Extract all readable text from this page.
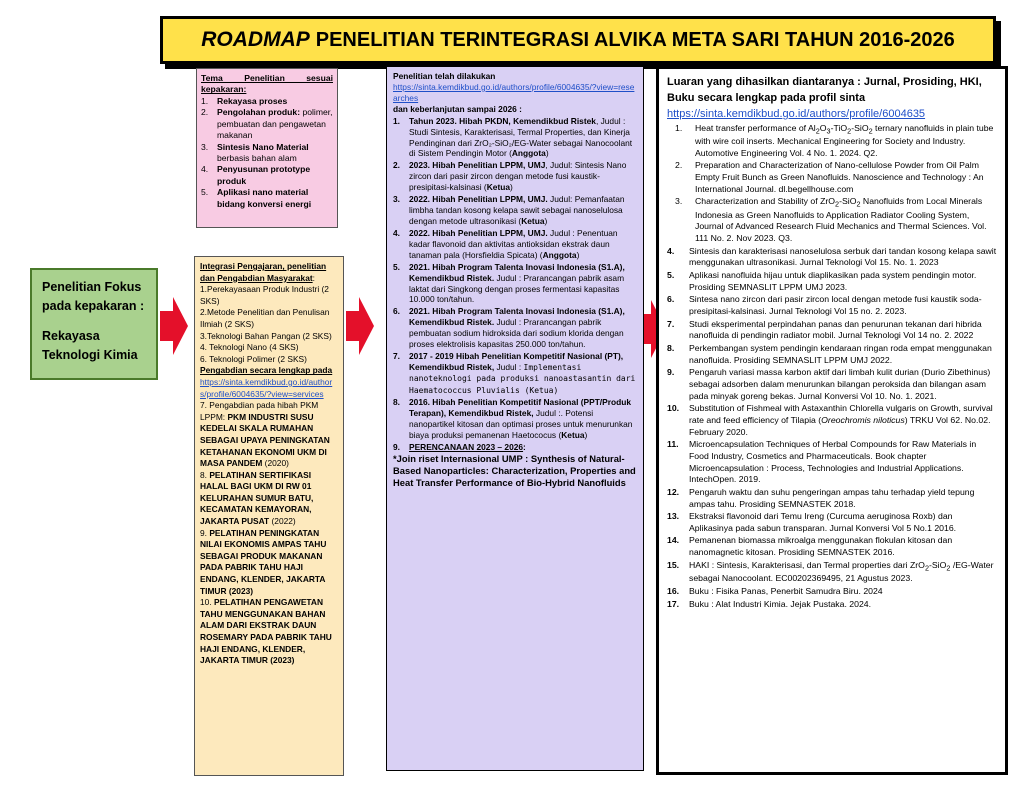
ROADMAP PENELITIAN TERINTEGRASI ALVIKA META SARI TAHUN 2016-2026
Penelitian Fokus pada kepakaran :
Rekayasa Teknologi Kimia
Tema Penelitian sesuai kepakaran:
1.	Rekayasa proses
2.	Pengolahan produk: polimer, pembuatan dan pengawetan makanan
3.	Sintesis Nano Material berbasis bahan alam
4.	Penyusunan prototype produk
5.	Aplikasi nano material bidang konversi energi
Integrasi Pengajaran, penelitian dan Pengabdian Masyarakat:
1.Perekayasaan Produk Industri (2 SKS)
2.Metode Penelitian dan Penulisan Ilmiah (2 SKS)
3.Teknologi Bahan Pangan (2 SKS)
4. Teknologi Nano (4 SKS)
6. Teknologi Polimer (2 SKS)
Pengabdian secara lengkap pada
https://sinta.kemdikbud.go.id/authors/profile/6004635/?view=services
7. Pengabdian pada hibah PKM LPPM: PKM INDUSTRI SUSU KEDELAI SKALA RUMAHAN SEBAGAI UPAYA PENINGKATAN KETAHANAN EKONOMI UKM DI MASA PANDEM (2020)
8. PELATIHAN SERTIFIKASI HALAL BAGI UKM DI RW 01 KELURAHAN SUMUR BATU, KECAMATAN KEMAYORAN, JAKARTA PUSAT (2022)
9. PELATIHAN PENINGKATAN NILAI EKONOMIS AMPAS TAHU SEBAGAI PRODUK MAKANAN PADA PABRIK TAHU HAJI ENDANG, KLENDER, JAKARTA TIMUR (2023)
10. PELATIHAN PENGAWETAN TAHU MENGGUNAKAN BAHAN ALAM DARI EKSTRAK DAUN ROSEMARY PADA PABRIK TAHU HAJI ENDANG, KLENDER, JAKARTA TIMUR (2023)
Penelitian telah dilakukan
https://sinta.kemdikbud.go.id/authors/profile/6004635/?view=researches
dan keberlanjutan sampai 2026 :
1.	Tahun 2023. Hibah PKDN, Kemendikbud Ristek, Judul : Studi Sintesis, Karakterisasi, Termal Properties, dan Kinerja Pendinginan dari ZrO₂-SiO₂/EG-Water sebagai Nanocoolant di Sistem Pendingin Motor (Anggota)
2.	2023. Hibah Penelitian LPPM, UMJ, Judul: Sintesis Nano zircon dari pasir zircon dengan metode fusi kaustik-presipitasi-kalsinasi (Ketua)
3.	2022. Hibah Penelitian LPPM, UMJ. Judul: Pemanfaatan limbha tandan kosong kelapa sawit sebagai nanoselulosa dengan metode ultrasonikasi (Ketua)
4.	2022. Hibah Penelitian LPPM, UMJ. Judul : Penentuan kadar flavonoid dan aktivitas antioksidan ekstrak daun tanaman pala (Horsfieldia Spicata) (Anggota)
5.	2021. Hibah Program Talenta Inovasi Indonesia (S1.A), Kemendikbud Ristek. Judul : Prarancangan pabrik asam laktat dari Singkong dengan proses fermentasi kapasitas 10.000 ton/tahun.
6.	2021. Hibah Program Talenta Inovasi Indonesia (S1.A), Kemendikbud Ristek. Judul : Prarancangan pabrik pembuatan sodium hidroksida dari sodium klorida dengan proses elektrolisis kapasitas 250.000 ton/tahun.
7.	2017 - 2019 Hibah Penelitian Kompetitif Nasional (PT), Kemendikbud Ristek, Judul : Implementasi nanoteknologi pada produksi nanoastasantin dari Haematococcus Pluvialis (Ketua)
8.	2016. Hibah Penelitian Kompetitif Nasional (PPT/Produk Terapan), Kemendikbud Ristek, Judul :. Potensi nanopartikel kitosan dan optimasi proses untuk menurunkan biaya produksi pemanenan Haetococus (Ketua)
9.	PERENCANAAN 2023 – 2026:
*Join riset Internasional UMP : Synthesis of Natural-Based Nanoparticles: Characterization, Properties and Heat Transfer Performance of Bio-Hybrid Nanofluids
Luaran yang dihasilkan diantaranya : Jurnal, Prosiding, HKI, Buku secara lengkap pada profil sinta
https://sinta.kemdikbud.go.id/authors/profile/6004635
1.	Heat transfer performance of $Al_2O_3-TiO_2-SiO_2$ ternary nanofluids in plain tube with wire coil inserts. Mechanical Engineering for Society and Industry. Automotive Engineering Vol. 4 No. 1. 2024. Q2.
2.	Preparation and Characterization of Nano-cellulose Powder from Oil Palm Empty Fruit Bunch as Green Nanofluids. Nanoscience and Technology : An International Journal. dl.begellhouse.com
3.	Characterization and Stability of ZrO$_2$-SiO$_2$ Nanofluids from Local Minerals Indonesia as Green Nanofluids to Application Radiator Cooling System, Journal of Advanced Research Fluid Mechanics and Thermal Sciences. Vol. 111 No. 2. Nov 2023. Q3.
4.	Sintesis dan karakterisasi nanoselulosa serbuk dari tandan kosong kelapa sawit menggunakan ultrasonikasi. Jurnal Teknologi Vol 15. No. 1. 2023
5.	Aplikasi nanofluida hijau untuk diaplikasikan pada system pendingin motor. Prosiding SEMNASLIT LPPM UMJ 2023.
6.	Sintesa nano zircon dari pasir zircon local dengan metode fusi kaustik soda-presipitasi-kalsinasi. Jurnal Teknologi Vol 15 no. 2. 2023.
7.	Studi eksperimental perpindahan panas dan penurunan tekanan dari hibrida nanofluida di pendingin radiator mobil. Jurnal Teknologi Vol 14 no. 2. 2022
8.	Perkembangan system pendingin kendaraan ringan roda empat menggunakan nanofluida. Prosiding SEMNASLIT LPPM UMJ 2022.
9.	Pengaruh variasi massa karbon aktif dari limbah kulit durian (Durio Zibethinus) sebagai adsorben dalam menurunkan bilangan peroksida dan bilangan asam pada minyak goreng bekas. Jurnal Konversi Vol 10. No. 1. 2021.
10.	Substitution of Fishmeal with Astaxanthin Chlorella vulgaris on Growth, survival rate and feed efficiency of Tilapia (Oreochromis niloticus) TRKU Vol 62. No.02. February 2020.
11.	Microencapsulation Techniques of Herbal Compounds for Raw Materials in Food Industry, Cosmetics and Pharmaceuticals. Book chapter Microencapsulation : Process, Technologies and Industrial Applications. IntechOpen. 2019.
12.	Pengaruh waktu dan suhu pengeringan ampas tahu terhadap yield tepung ampas tahu. Prosiding SEMNASTEK 2018.
13.	Ekstraksi flavonoid dari Temu Ireng (Curcuma aeruginosa Roxb) dan Aplikasinya pada sabun transparan. Jurnal Konversi Vol 5 No.1 2016.
14.	Pemanenan biomassa mikroalga menggunakan flokulan kitosan dan nanomagnetic kitosan. Prosiding SEMNASTEK 2016.
15.	HAKI : Sintesis, Karakterisasi, dan Termal properties dari ZrO$_2$-SiO$_2$ /EG-Water sebagai Nanocoolant. EC00202369495, 21 Agustus 2023.
16.	Buku : Fisika Panas, Penerbit Samudra Biru. 2024
17.	Buku : Alat Industri Kimia. Jejak Pustaka. 2024.
